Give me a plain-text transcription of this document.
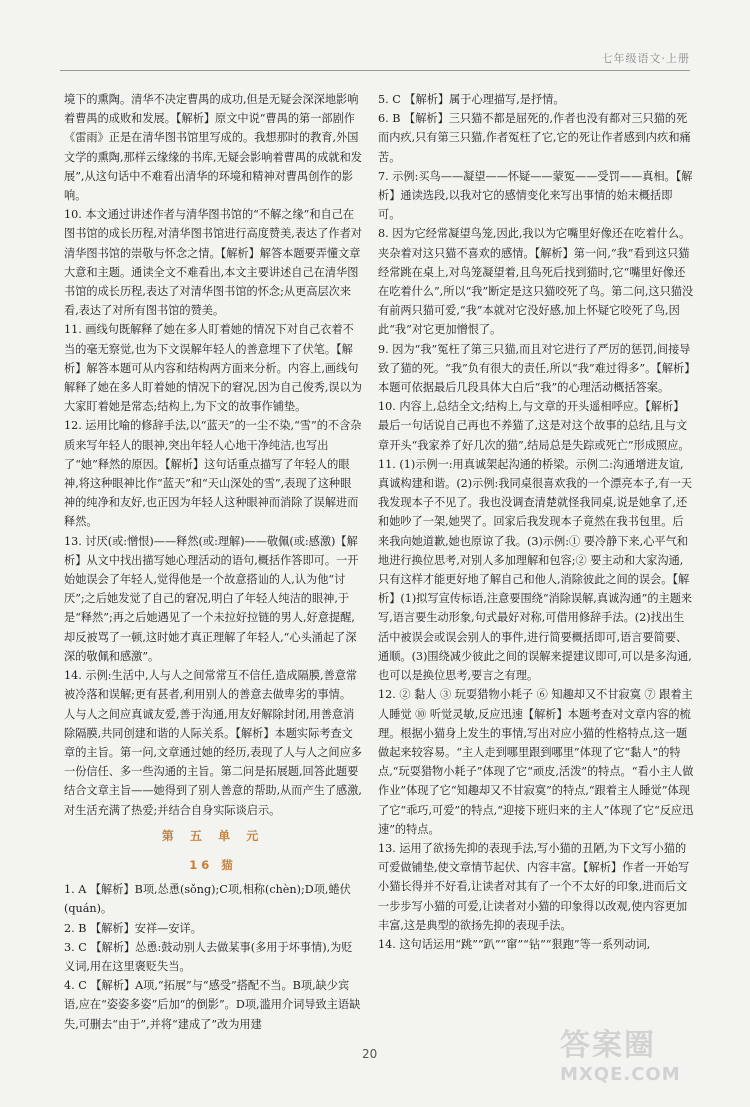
七年级语文·上册

境下的熏陶。清华不决定曹禺的成功,但是无疑会深深地影响着曹禺的成败和发展。【解析】原文中说“曹禺的第一部剧作《雷雨》正是在清华图书馆里写成的。我想那时的教育,外国文学的熏陶,那样云缘缘的书库,无疑会影响着曹禺的成就和发展”,从这句话中不难看出清华的环境和精神对曹禺创作的影响。

10. 本文通过讲述作者与清华图书馆的“不解之缘”和自己在图书馆的成长历程,对清华图书馆进行高度赞美,表达了作者对清华图书馆的崇敬与怀念之情。【解析】解答本题要弄懂文章大意和主题。通读全文不难看出,本文主要讲述自己在清华图书馆的成长历程,表达了对清华图书馆的怀念;从更高层次来看,表达了对所有图书馆的赞美。

11. 画线句既解释了她在多人盯着她的情况下对自己衣着不当的毫无察觉,也为下文误解年轻人的善意埋下了伏笔。【解析】解答本题可从内容和结构两方面来分析。内容上,画线句解释了她在多人盯着她的情况下的窘况,因为自己俊秀,误以为大家盯着她是常态;结构上,为下文的故事作铺垫。

12. 运用比喻的修辞手法,以“蓝天”的一尘不染,“雪”的不含杂质来写年轻人的眼神,突出年轻人心地干净纯洁,也写出了“她”释然的原因。【解析】这句话重点描写了年轻人的眼神,将这种眼神比作“蓝天”和“天山深处的雪”,表现了这种眼神的纯净和友好,也正因为年轻人这种眼神而消除了误解进而释然。

13. 讨厌(或:憎恨)——释然(或:理解)——敬佩(或:感激)【解析】从文中找出描写她心理活动的语句,概括作答即可。一开始她误会了年轻人,觉得他是一个故意搭讪的人,认为他“讨厌”;之后她发觉了自己的窘况,明白了年轻人纯洁的眼神,于是“释然”;再之后她遇见了一个未拉好拉链的男人,好意提醒,却反被骂了一顿,这时她才真正理解了年轻人,“心头涌起了深深的敬佩和感激”。

14. 示例:生活中,人与人之间常常互不信任,造成隔膜,善意常被冷落和误解;更有甚者,利用别人的善意去做卑劣的事情。人与人之间应真诚友爱,善于沟通,用友好解除封闭,用善意消除隔膜,共同创建和谐的人际关系。【解析】本题实际考查文章的主旨。第一问,文章通过她的经历,表现了人与人之间应多一份信任、多一些沟通的主旨。第二问是拓展题,回答此题要结合文章主旨——她得到了别人善意的帮助,从而产生了感激,对生活充满了热爱;并结合自身实际谈启示。

第 五 单 元
16 猫

1. A 【解析】B项,怂恿(sǒng);C项,相称(chèn);D项,蜷伏(quán)。

2. B 【解析】安祥—安详。

3. C 【解析】怂恿:鼓动别人去做某事(多用于坏事情),为贬义词,用在这里褒贬失当。

4. C 【解析】A项,“拓展”与“感受”搭配不当。B项,缺少宾语,应在“姿姿多姿”后加“的倒影”。D项,滥用介词导致主语缺失,可删去“由于”,并将“建成了”改为用建

5. C 【解析】属于心理描写,是抒情。

6. B 【解析】三只猫不都是屈死的,作者也没有都对三只猫的死而内疚,只有第三只猫,作者冤枉了它,它的死让作者感到内疚和痛苦。

7. 示例:买鸟——凝望——怀疑——蒙冤——受罚——真相。【解析】通读选段,以我对它的感情变化来写出事情的始末概括即可。

8. 因为它经常凝望鸟笼,因此,我以为它嘴里好像还在吃着什么。夹杂着对这只猫不喜欢的感情。【解析】第一问,“我”看到这只猫经常跳在桌上,对鸟笼凝望着,且鸟死后找到猫时,它“嘴里好像还在吃着什么”,所以“我”断定是这只猫咬死了鸟。第二问,这只猫没有前两只猫可爱,“我”本就对它没好感,加上怀疑它咬死了鸟,因此“我”对它更加憎恨了。

9. 因为“我”冤枉了第三只猫,而且对它进行了严厉的惩罚,间接导致了猫的死。“我”负有很大的责任,所以“我”难过得多”。【解析】本题可依据最后几段具体大白后“我”的心理活动概括答案。

10. 内容上,总结全文;结构上,与文章的开头遥相呼应。【解析】最后一句话说自己再也不养猫了,这是对这个故事的总结,且与文章开头“我家养了好几次的猫”,结局总是失踪或死亡”形成照应。

11. (1)示例一:用真诚架起沟通的桥梁。示例二:沟通增进友谊,真诚构建和谐。(2)示例:我同桌很喜欢我的一个漂亮本子,有一天我发现本子不见了。我也没调查清楚就怪我同桌,说是她拿了,还和她吵了一架,她哭了。回家后我发现本子竟然在我书包里。后来我向她道歉,她也原谅了我。(3)示例:① 要冷静下来,心平气和地进行换位思考,对别人多加理解和包容;② 要主动和大家沟通,只有这样才能更好地了解自己和他人,消除彼此之间的误会。【解析】(1)拟写宣传标语,注意要围绕“消除误解,真诚沟通”的主题来写,语言要生动形象,句式最好对称,可借用修辞手法。(2)找出生活中被误会或误会别人的事件,进行简要概括即可,语言要简要、通顺。(3)围绕减少彼此之间的误解来提建议即可,可以是多沟通,也可以是换位思考,要言之有理。

12. ② 黏人 ③ 玩耍猎物小耗子 ⑥ 知趣却又不甘寂寞 ⑦ 跟着主人睡觉 ⑩ 听觉灵敏,反应迅速【解析】本题考查对文章内容的梳理。根据小猫身上发生的事情,写出对应小猫的性格特点,这一题做起来较容易。“主人走到哪里跟到哪里”体现了它“黏人”的特点,“玩耍猎物小耗子”体现了它“顽皮,活泼”的特点。“看小主人做作业”体现了它“知趣却又不甘寂寞”的特点,“跟着主人睡觉”体现了它“乖巧,可爱”的特点,“迎接下班归来的主人”体现了它“反应迅速”的特点。

13. 运用了欲扬先抑的表现手法,写小猫的丑陋,为下文写小猫的可爱做铺垫,使文章情节起伏、内容丰富。【解析】作者一开始写小猫长得并不好看,让读者对其有了一个不太好的印象,进而后文一步步写小猫的可爱,让读者对小猫的印象得以改观,使内容更加丰富,这是典型的欲扬先抑的表现手法。

14. 这句话运用“跳”“趴”“窜”“钻”“狠跑”等一系列动词,

20	答案圈
MXQE.COM
